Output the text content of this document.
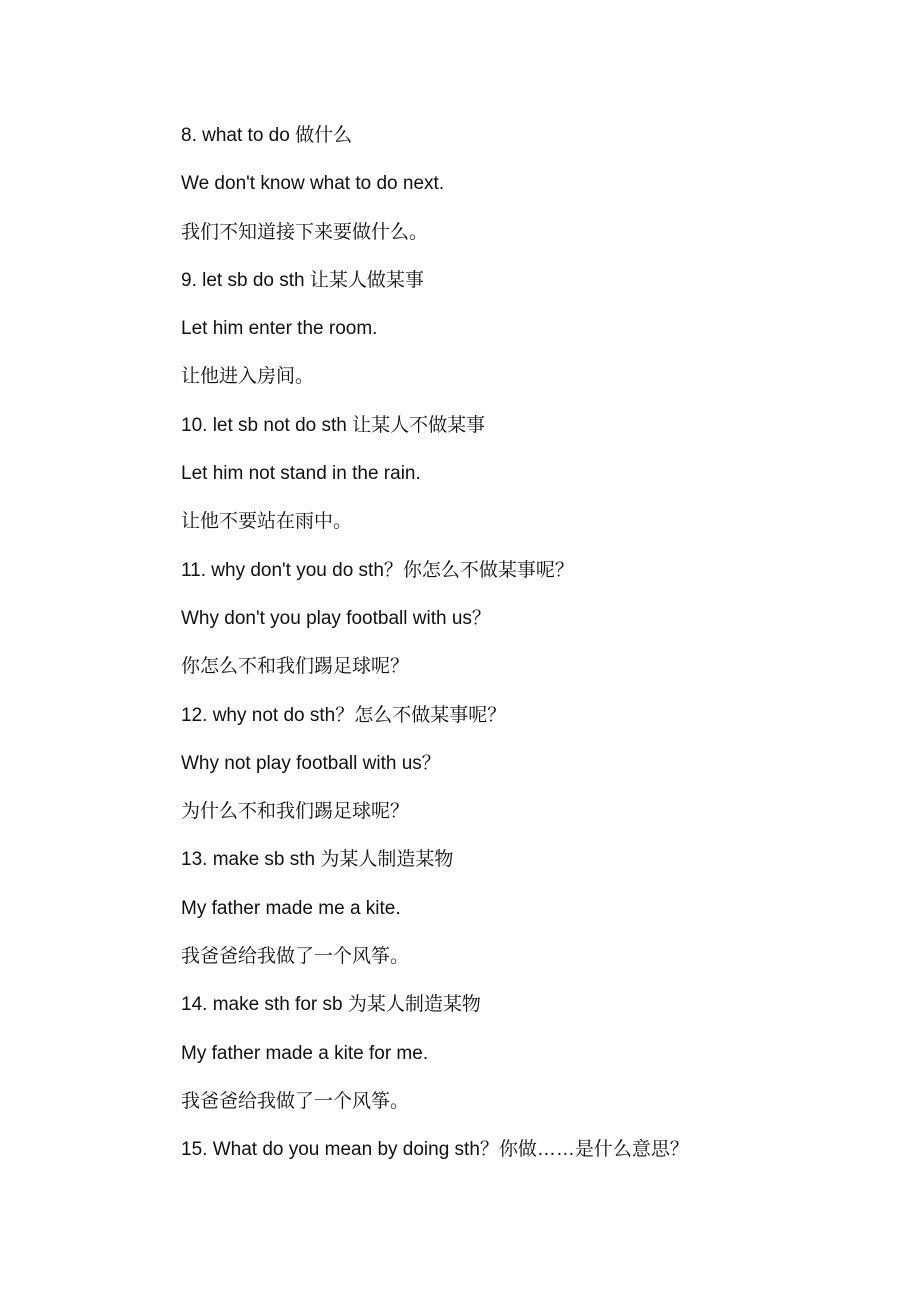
8. what to do 做什么
We don't know what to do next.
我们不知道接下来要做什么。
9. let sb do sth 让某人做某事
Let him enter the room.
让他进入房间。
10. let sb not do sth 让某人不做某事
Let him not stand in the rain.
让他不要站在雨中。
11. why don't you do sth？你怎么不做某事呢？
Why don't you play football with us？
你怎么不和我们踢足球呢？
12. why not do sth？怎么不做某事呢？
Why not play football with us？
为什么不和我们踢足球呢？
13. make sb sth 为某人制造某物
My father made me a kite.
我爸爸给我做了一个风筝。
14. make sth for sb 为某人制造某物
My father made a kite for me.
我爸爸给我做了一个风筝。
15. What do you mean by doing sth？你做……是什么意思？
